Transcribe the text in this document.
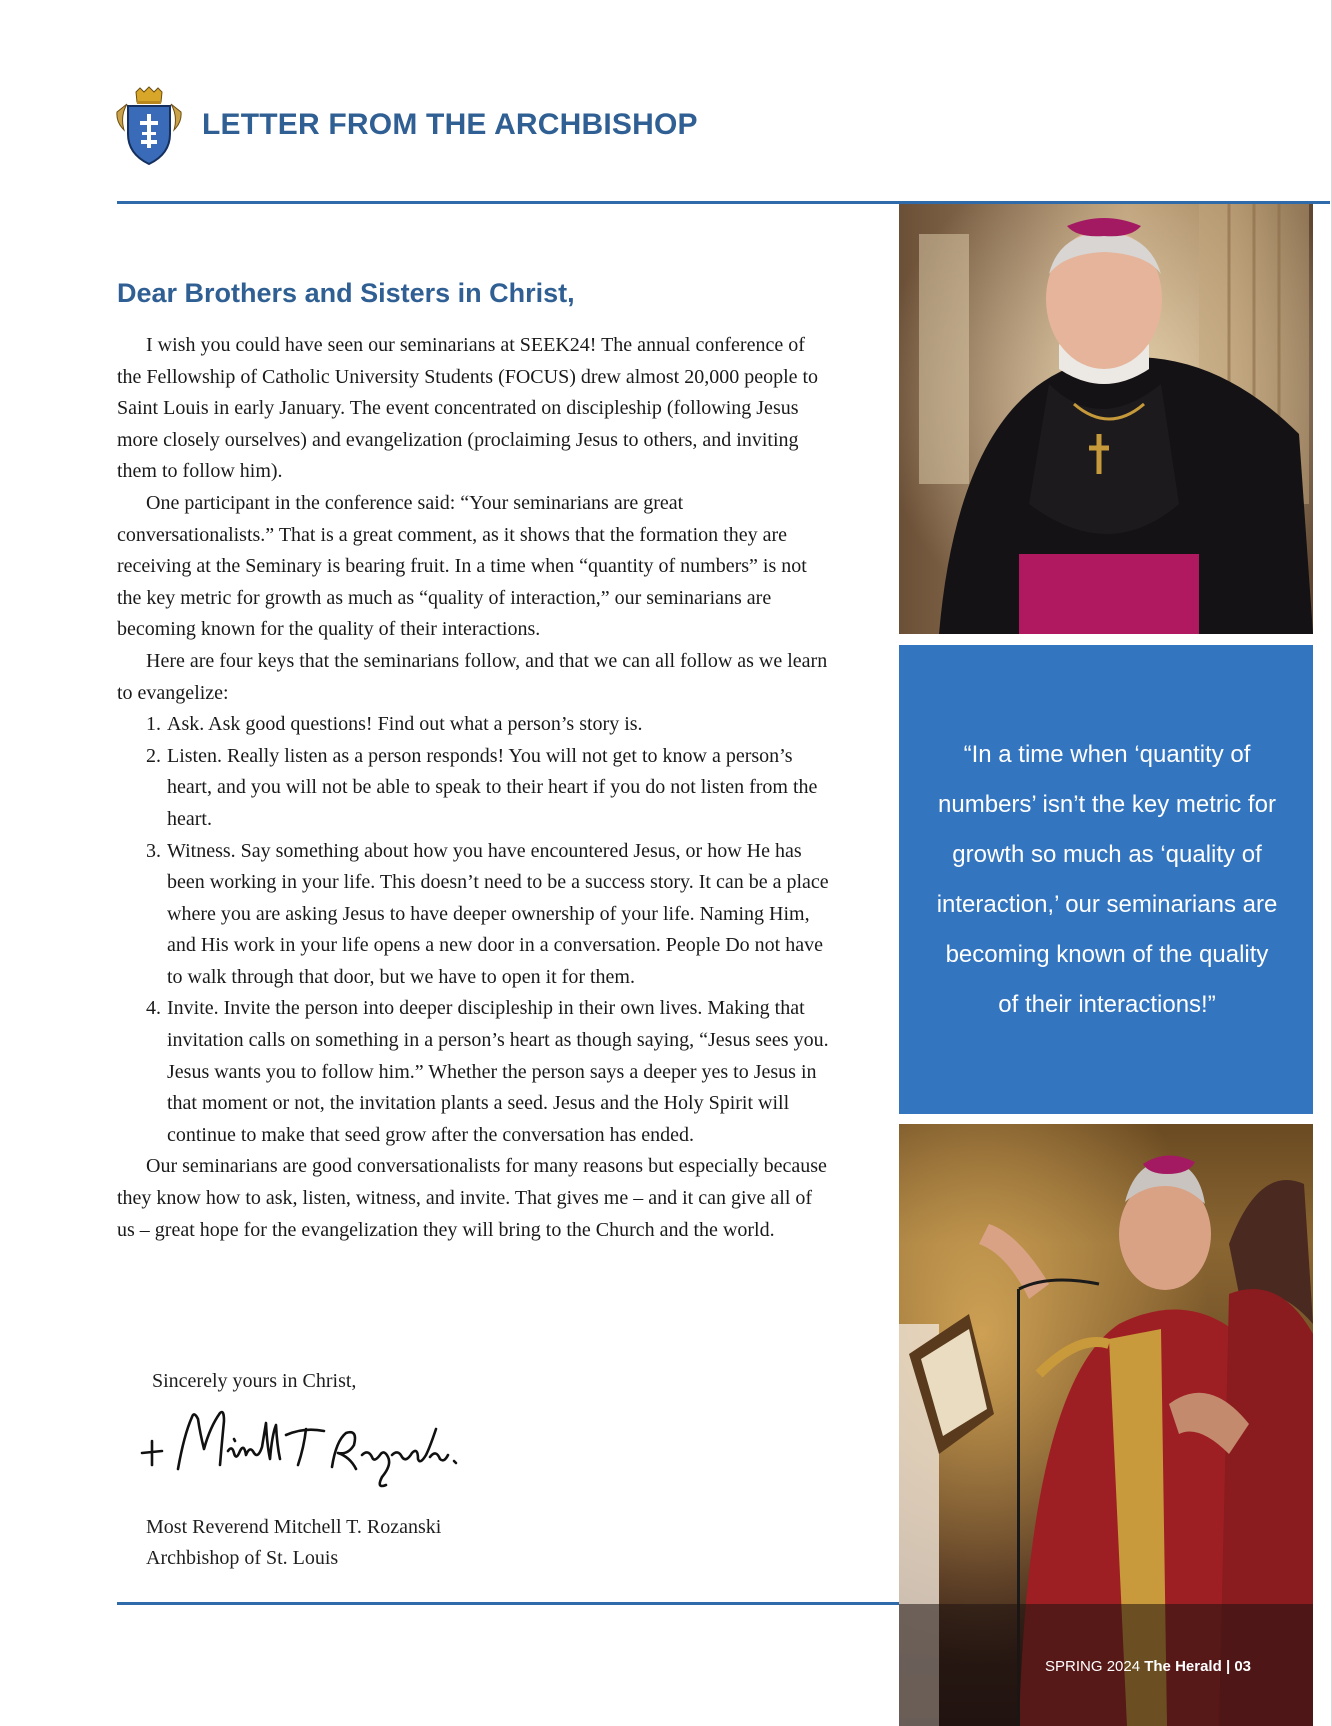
LETTER FROM THE ARCHBISHOP
Dear Brothers and Sisters in Christ,

I wish you could have seen our seminarians at SEEK24! The annual conference of the Fellowship of Catholic University Students (FOCUS) drew almost 20,000 people to Saint Louis in early January. The event concentrated on discipleship (following Jesus more closely ourselves) and evangelization (proclaiming Jesus to others, and inviting them to follow him).

One participant in the conference said: “Your seminarians are great conversationalists.” That is a great comment, as it shows that the formation they are receiving at the Seminary is bearing fruit. In a time when “quantity of numbers” is not the key metric for growth as much as “quality of interaction,” our seminarians are becoming known for the quality of their interactions.

Here are four keys that the seminarians follow, and that we can all follow as we learn to evangelize:

1. Ask. Ask good questions! Find out what a person’s story is.
2. Listen. Really listen as a person responds! You will not get to know a person’s heart, and you will not be able to speak to their heart if you do not listen from the heart.
3. Witness. Say something about how you have encountered Jesus, or how He has been working in your life. This doesn’t need to be a success story. It can be a place where you are asking Jesus to have deeper ownership of your life. Naming Him, and His work in your life opens a new door in a conversation. People Do not have to walk through that door, but we have to open it for them.
4. Invite. Invite the person into deeper discipleship in their own lives. Making that invitation calls on something in a person’s heart as though saying, “Jesus sees you. Jesus wants you to follow him.” Whether the person says a deeper yes to Jesus in that moment or not, the invitation plants a seed. Jesus and the Holy Spirit will continue to make that seed grow after the conversation has ended.

Our seminarians are good conversationalists for many reasons but especially because they know how to ask, listen, witness, and invite. That gives me – and it can give all of us – great hope for the evangelization they will bring to the Church and the world.

Sincerely yours in Christ,

Most Reverend Mitchell T. Rozanski
Archbishop of St. Louis

“In a time when ‘quantity of numbers’ isn’t the key metric for growth so much as ‘quality of interaction,’ our seminarians are becoming known of the quality of their interactions!”

SPRING 2024 The Herald | 03
